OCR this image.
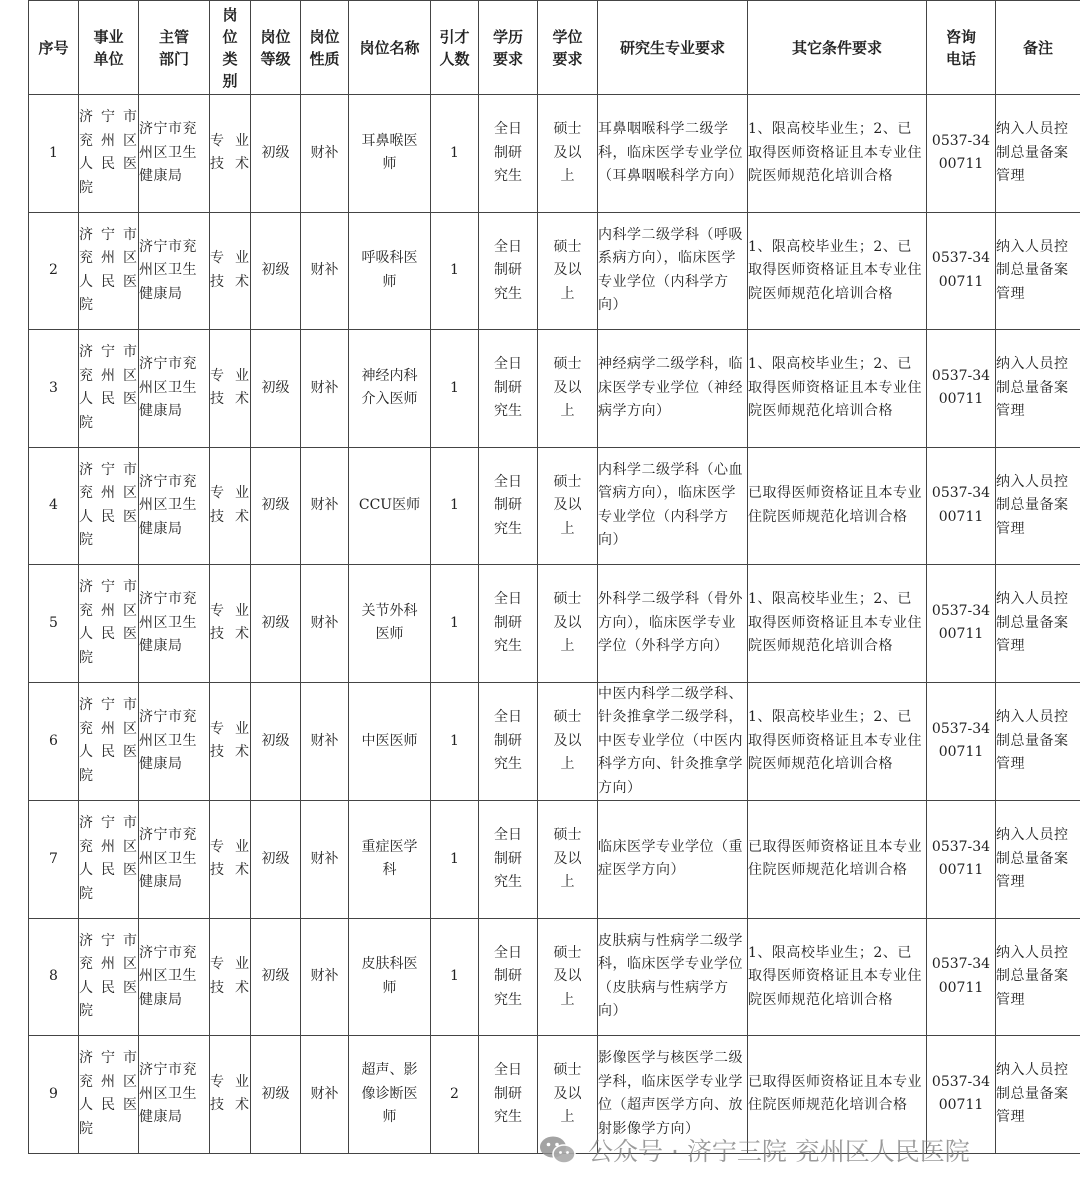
序号	事业单位	主管部门	岗位类别	岗位等级	岗位性质	岗位名称	引才人数	学历要求	学位要求	研究生专业要求	其它条件要求	咨询电话	备注

1	济宁市兖州区人民医院	济宁市兖州区卫生健康局	专业技术	初级	财补	耳鼻喉医师	1	全日制研究生	硕士及以上	耳鼻咽喉科学二级学科，临床医学专业学位（耳鼻咽喉科学方向）	1、限高校毕业生；2、已取得医师资格证且本专业住院医师规范化培训合格	0537-3400711	纳入人员控制总量备案管理
2	济宁市兖州区人民医院	济宁市兖州区卫生健康局	专业技术	初级	财补	呼吸科医师	1	全日制研究生	硕士及以上	内科学二级学科（呼吸系病方向），临床医学专业学位（内科学方向）	1、限高校毕业生；2、已取得医师资格证且本专业住院医师规范化培训合格	0537-3400711	纳入人员控制总量备案管理
3	济宁市兖州区人民医院	济宁市兖州区卫生健康局	专业技术	初级	财补	神经内科介入医师	1	全日制研究生	硕士及以上	神经病学二级学科，临床医学专业学位（神经病学方向）	1、限高校毕业生；2、已取得医师资格证且本专业住院医师规范化培训合格	0537-3400711	纳入人员控制总量备案管理
4	济宁市兖州区人民医院	济宁市兖州区卫生健康局	专业技术	初级	财补	CCU医师	1	全日制研究生	硕士及以上	内科学二级学科（心血管病方向），临床医学专业学位（内科学方向）	已取得医师资格证且本专业住院医师规范化培训合格	0537-3400711	纳入人员控制总量备案管理
5	济宁市兖州区人民医院	济宁市兖州区卫生健康局	专业技术	初级	财补	关节外科医师	1	全日制研究生	硕士及以上	外科学二级学科（骨外方向），临床医学专业学位（外科学方向）	1、限高校毕业生；2、已取得医师资格证且本专业住院医师规范化培训合格	0537-3400711	纳入人员控制总量备案管理
6	济宁市兖州区人民医院	济宁市兖州区卫生健康局	专业技术	初级	财补	中医医师	1	全日制研究生	硕士及以上	中医内科学二级学科、针灸推拿学二级学科，中医专业学位（中医内科学方向、针灸推拿学方向）	1、限高校毕业生；2、已取得医师资格证且本专业住院医师规范化培训合格	0537-3400711	纳入人员控制总量备案管理
7	济宁市兖州区人民医院	济宁市兖州区卫生健康局	专业技术	初级	财补	重症医学科	1	全日制研究生	硕士及以上	临床医学专业学位（重症医学方向）	已取得医师资格证且本专业住院医师规范化培训合格	0537-3400711	纳入人员控制总量备案管理
8	济宁市兖州区人民医院	济宁市兖州区卫生健康局	专业技术	初级	财补	皮肤科医师	1	全日制研究生	硕士及以上	皮肤病与性病学二级学科，临床医学专业学位（皮肤病与性病学方向）	1、限高校毕业生；2、已取得医师资格证且本专业住院医师规范化培训合格	0537-3400711	纳入人员控制总量备案管理
9	济宁市兖州区人民医院	济宁市兖州区卫生健康局	专业技术	初级	财补	超声、影像诊断医师	2	全日制研究生	硕士及以上	影像医学与核医学二级学科，临床医学专业学位（超声医学方向、放射影像学方向）	已取得医师资格证且本专业住院医师规范化培训合格	0537-3400711	纳入人员控制总量备案管理
公众号 · 济宁三院 兖州区人民医院
